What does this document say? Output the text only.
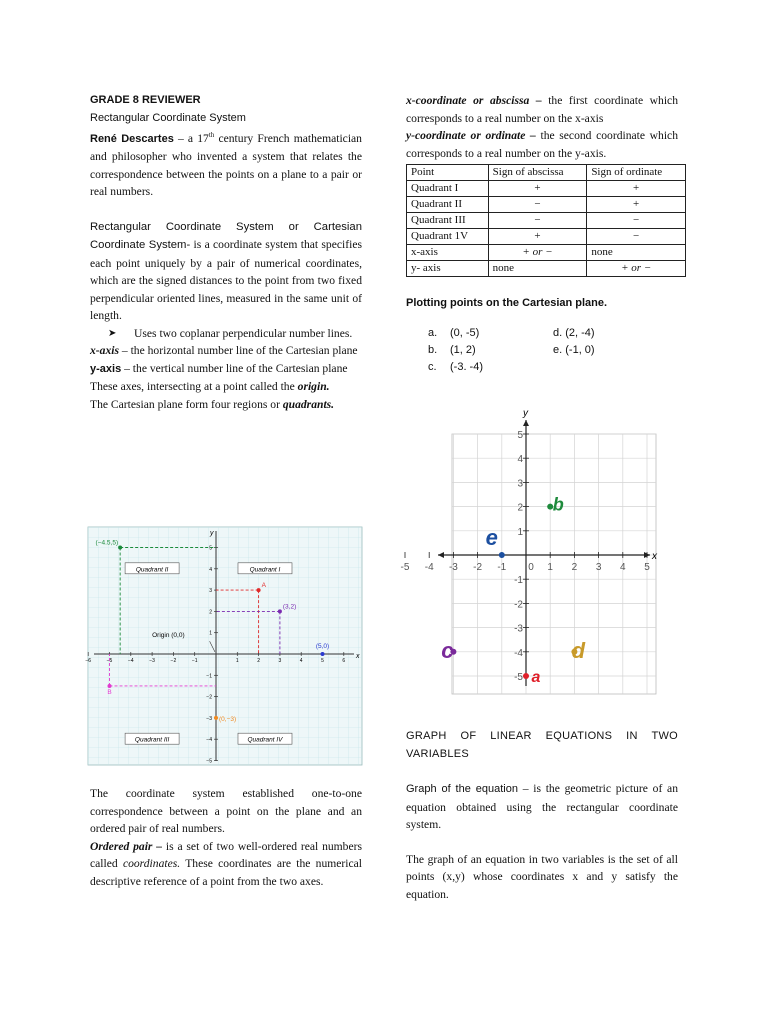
GRADE 8 REVIEWER

Rectangular Coordinate System

René Descartes – a 17th century French mathematician and philosopher who invented a system that relates the correspondence between the points on a plane to a pair or real numbers.

Rectangular Coordinate System or Cartesian Coordinate System- is a coordinate system that specifies each point uniquely by a pair of numerical coordinates, which are the signed distances to the point from two fixed perpendicular oriented lines, measured in the same unit of length.

➤	Uses two coplanar perpendicular number lines.

x-axis – the horizontal number line of the Cartesian plane

y-axis – the vertical number line of the Cartesian plane

These axes, intersecting at a point called the origin.

The Cartesian plane form four regions or quadrants.

x
y
−6	−5	−4	−3	−2	−1	1	2	3	4	5	6
5
4
3
2
1
−1
−2
−3
−4
−5
Quadrant II	Quadrant I
Quadrant III	Quadrant IV
Origin (0,0)
(−4.5,5)
A
(3,2)
(5,0)
B
(0,−3)

The coordinate system established one-to-one correspondence between a point on the plane and an ordered pair of real numbers.

Ordered pair – is a set of two well-ordered real numbers called coordinates. These coordinates are the numerical descriptive reference of a point from the two axes.

x-coordinate or abscissa – the first coordinate which corresponds to a real number on the x-axis

y-coordinate or ordinate – the second coordinate which corresponds to a real number on the y-axis.

Point	Sign of abscissa	Sign of ordinate
Quadrant I	+	+
Quadrant II	−	+
Quadrant III	−	−
Quadrant 1V	+	−
x-axis	+ or −	none
y- axis	none	+ or −

Plotting points on the Cartesian plane.

a. (0, -5)
b. (1, 2)
c. (-3. -4)
d. (2, -4)
e. (-1, 0)
x
y
-5 -4 -3 -2 -1 0 1 2 3 4 5
5
4
3
2
1
-1
-2
-3
-4
-5
b
e
c	d
a

GRAPH OF LINEAR EQUATIONS IN TWO VARIABLES

Graph of the equation – is the geometric picture of an equation obtained using the rectangular coordinate system.

The graph of an equation in two variables is the set of all points (x,y) whose coordinates x and y satisfy the equation.
